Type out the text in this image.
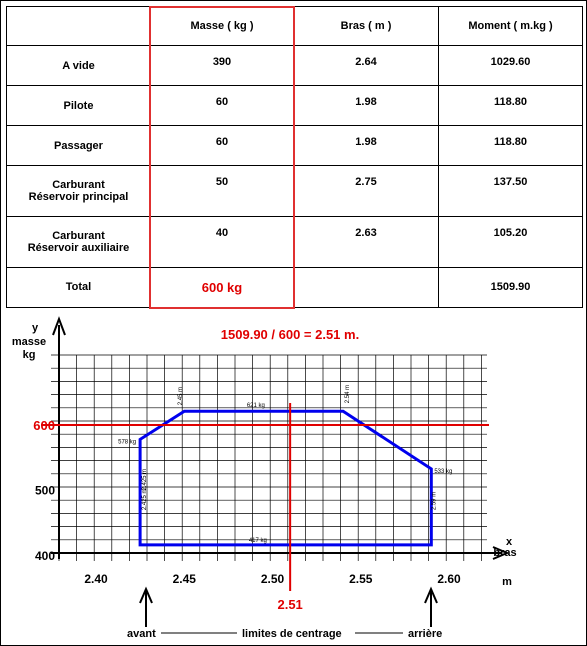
	Masse ( kg )	Bras ( m )	Moment ( m.kg )
A vide	390	2.64	1029.60
Pilote	60	1.98	118.80
Passager	60	1.98	118.80
Carburant
Réservoir principal	50	2.75	137.50
Carburant
Réservoir auxiliaire	40	2.63	105.20
Total	600 kg		1509.90
y
masse
kg
x
bras
m
1509.90 / 600 = 2.51 m.
400
500
2.40	2.45	2.50	2.55	2.60
578 kg
2.425 m
2.45 m
621 kg
2.54 m
533 kg
2.59 m
417 kg
2.425 m
600
2.51
avant	limites de centrage	arrière
